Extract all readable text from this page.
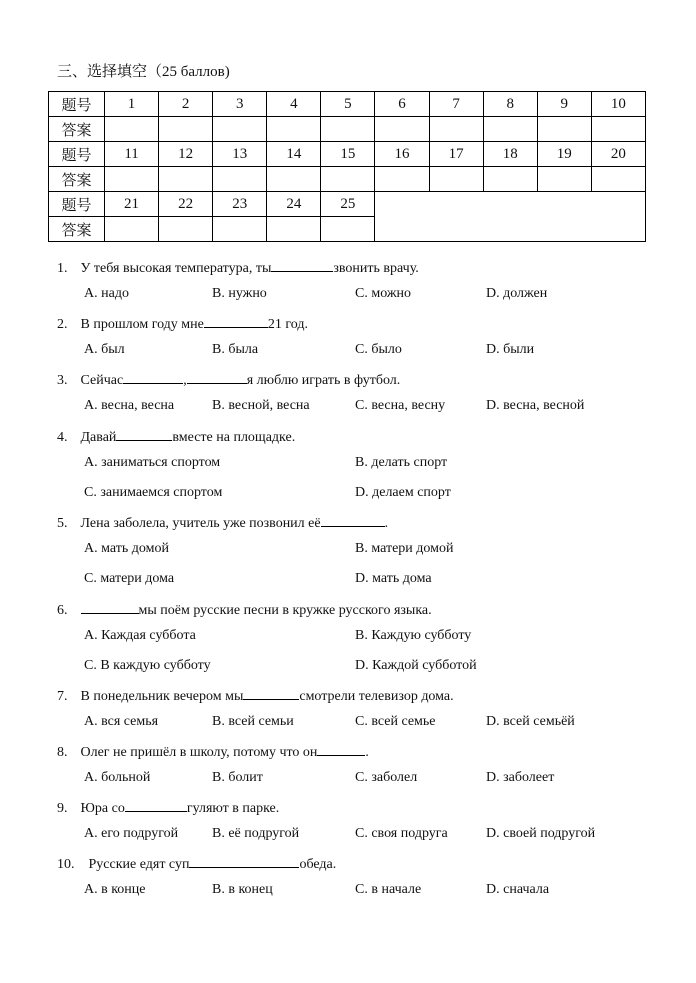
三、选择填空（25 баллов)
题号	1	2	3	4	5	6	7	8	9	10
答案										
题号	11	12	13	14	15	16	17	18	19	20
答案										
题号	21	22	23	24	25					
答案										
1. У тебя высокая температура, ты	звонить врачу.
A. надо	B. нужно	C. можно	D. должен
2. В прошлом году мне	21 год.
A. был	B. была	C. было	D. были
3. Сейчас	,	я люблю играть в футбол.
A. весна, весна	B. весной, весна	C. весна, весну	D. весна, весной
4. Давай	вместе на площадке.
A. заниматься спортом	B. делать спорт
C. занимаемся спортом	D. делаем спорт
5. Лена заболела, учитель уже позвонил её	.
A. мать домой	B. матери домой
C. матери дома	D. мать дома
6.	мы поём русские песни в кружке русского языка.
A. Каждая суббота	B. Каждую субботу
C. В каждую субботу	D. Каждой субботой
7. В понедельник вечером мы	смотрели телевизор дома.
A. вся семья	B. всей семьи	C. всей семье	D. всей семьёй
8. Олег не пришёл в школу, потому что он	.
A. больной	B. болит	C. заболел	D. заболеет
9. Юра со	гуляют в парке.
A. его подругой B. её подругой	C. своя подруга	D. своей подругой
10. Русские едят суп	обеда.
A. в конце	B. в конец	C. в начале	D. сначала
